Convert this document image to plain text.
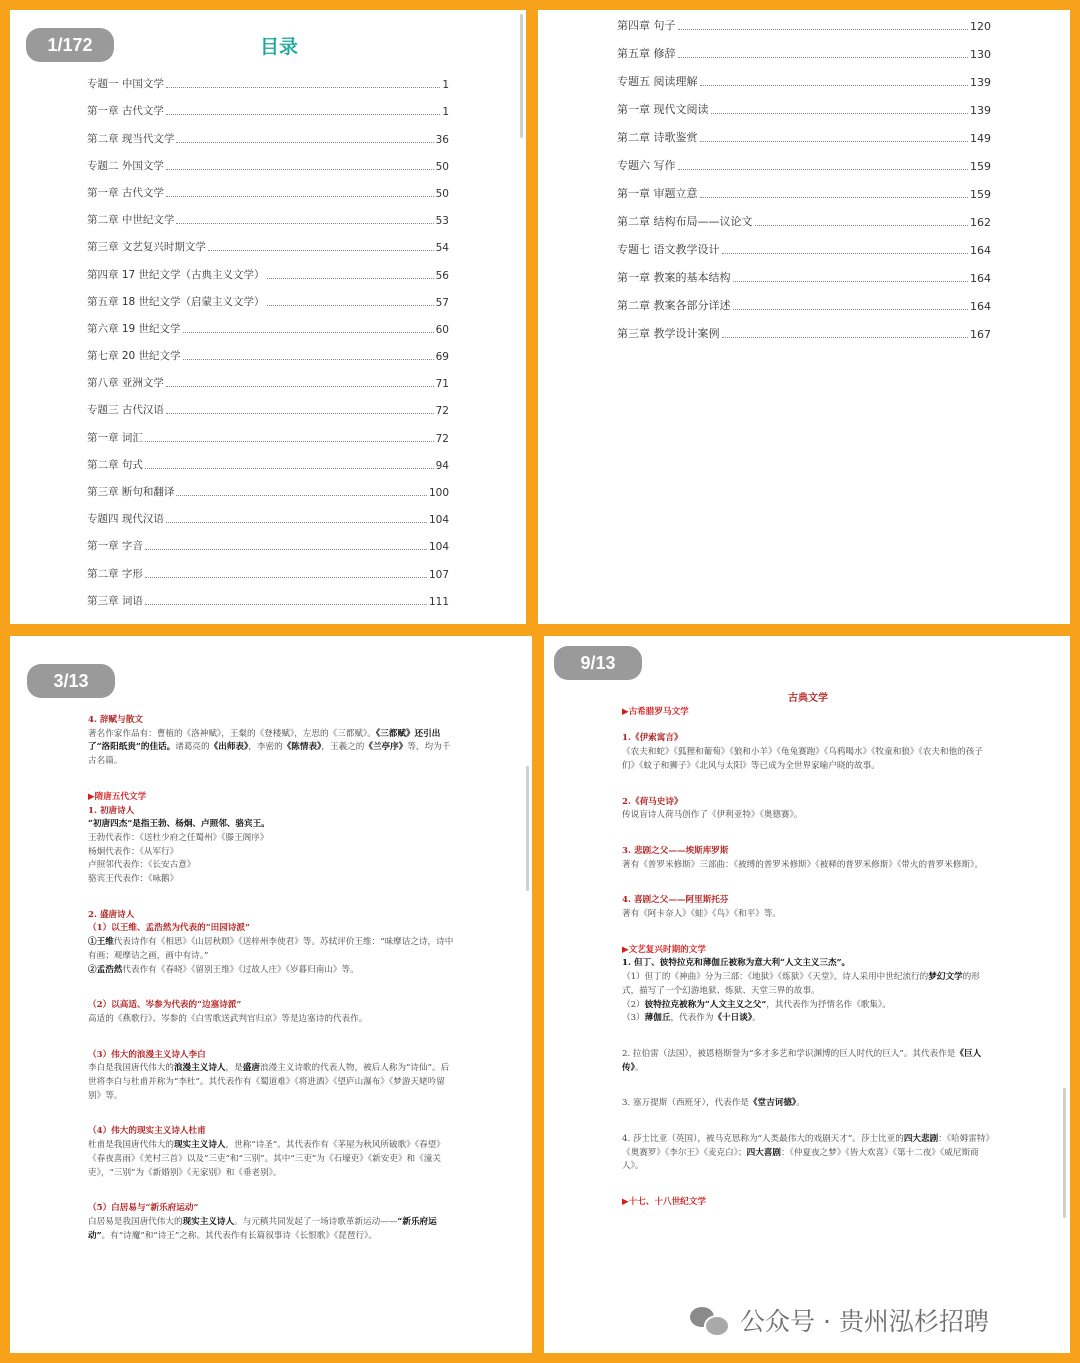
1/172	目录
专题一 中国文学	1
第一章 古代文学	1
第二章 现当代文学	36
专题二 外国文学	50
第一章 古代文学	50
第二章 中世纪文学	53
第三章 文艺复兴时期文学	54
第四章 17 世纪文学（古典主义文学）	56
第五章 18 世纪文学（启蒙主义文学）	57
第六章 19 世纪文学	60
第七章 20 世纪文学	69
第八章 亚洲文学	71
专题三 古代汉语	72
第一章 词汇	72
第二章 句式	94
第三章 断句和翻译	100
专题四 现代汉语	104
第一章 字音	104
第二章 字形	107
第三章 词语	111
第四章 句子	120
第五章 修辞	130
专题五 阅读理解	139
第一章 现代文阅读	139
第二章 诗歌鉴赏	149
专题六 写作	159
第一章 审题立意	159
第二章 结构布局——议论文	162
专题七 语文教学设计	164
第一章 教案的基本结构	164
第二章 教案各部分详述	164
第三章 教学设计案例	167
3/13

4. 辞赋与散文

著名作家作品有：曹植的《洛神赋》，王粲的《登楼赋》，左思的《三都赋》。《三都赋》还引出了“洛阳纸贵”的佳话。诸葛亮的《出师表》，李密的《陈情表》，王羲之的《兰亭序》等，均为千古名篇。

▶隋唐五代文学

1. 初唐诗人

“初唐四杰”是指王勃、杨炯、卢照邻、骆宾王。

王勃代表作：《送杜少府之任蜀州》《滕王阁序》

杨炯代表作：《从军行》

卢照邻代表作：《长安古意》

骆宾王代表作：《咏鹅》

2. 盛唐诗人

（1）以王维、孟浩然为代表的“田园诗派”

①王维代表诗作有《相思》《山居秋暝》《送梓州李使君》等。苏轼评价王维：“味摩诘之诗，诗中有画；观摩诘之画，画中有诗。”

②孟浩然代表作有《春晓》《留别王维》《过故人庄》《岁暮归南山》等。

（2）以高适、岑参为代表的“边塞诗派”

高适的《燕歌行》、岑参的《白雪歌送武判官归京》等是边塞诗的代表作。

（3）伟大的浪漫主义诗人李白

李白是我国唐代伟大的浪漫主义诗人，是盛唐浪漫主义诗歌的代表人物，被后人称为“诗仙”。后世将李白与杜甫并称为“李杜”。其代表作有《蜀道难》《将进酒》《望庐山瀑布》《梦游天姥吟留别》等。

（4）伟大的现实主义诗人杜甫

杜甫是我国唐代伟大的现实主义诗人，世称“诗圣”。其代表作有《茅屋为秋风所破歌》《春望》《春夜喜雨》《羌村三首》以及“三吏”和“三别”。其中“三吏”为《石壕吏》《新安吏》和《潼关吏》，“三别”为《新婚别》《无家别》和《垂老别》。

（5）白居易与“新乐府运动”

白居易是我国唐代伟大的现实主义诗人。与元稹共同发起了一场诗歌革新运动——“新乐府运动”。有“诗魔”和“诗王”之称。其代表作有长篇叙事诗《长恨歌》《琵琶行》。

9/13

古典文学

▶古希腊罗马文学

1.《伊索寓言》

《农夫和蛇》《狐狸和葡萄》《狼和小羊》《龟兔赛跑》《乌鸦喝水》《牧童和狼》《农夫和他的孩子们》《蚊子和狮子》《北风与太阳》等已成为全世界家喻户晓的故事。

2.《荷马史诗》

传说盲诗人荷马创作了《伊利亚特》《奥德赛》。

3. 悲剧之父——埃斯库罗斯

著有《普罗米修斯》三部曲：《被缚的普罗米修斯》《被释的普罗米修斯》《带火的普罗米修斯》。

4. 喜剧之父——阿里斯托芬

著有《阿卡奈人》《蛙》《鸟》《和平》等。

▶文艺复兴时期的文学

1. 但丁、彼特拉克和薄伽丘被称为意大利“人文主义三杰”。

（1）但丁的《神曲》分为三部：《地狱》《炼狱》《天堂》。诗人采用中世纪流行的梦幻文学的形式，描写了一个幻游地狱、炼狱、天堂三界的故事。

（2）彼特拉克被称为“人文主义之父”，其代表作为抒情名作《歌集》。

（3）薄伽丘，代表作为《十日谈》。

2. 拉伯雷（法国），被恩格斯誉为“多才多艺和学识渊博的巨人时代的巨人”。其代表作是《巨人传》。

3. 塞万提斯（西班牙），代表作是《堂吉诃德》。

4. 莎士比亚（英国），被马克思称为“人类最伟大的戏剧天才”。莎士比亚的四大悲剧：《哈姆雷特》《奥赛罗》《李尔王》《麦克白》；四大喜剧：《仲夏夜之梦》《皆大欢喜》《第十二夜》《威尼斯商人》。

▶十七、十八世纪文学

公众号 · 贵州泓杉招聘
